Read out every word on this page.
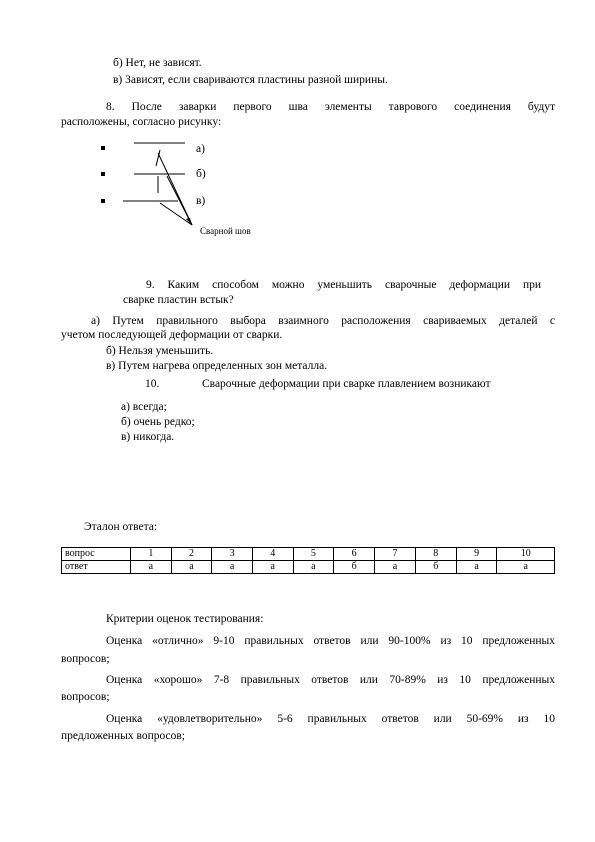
б) Нет, не зависят.
в) Зависят, если свариваются пластины разной ширины.
8. После заварки первого шва элементы таврового соединения будут
расположены, согласно рисунку:
а)
б)
в)
Сварной шов
9. Каким способом можно уменьшить сварочные деформации при
сварке пластин встык?
а) Путем правильного выбора взаимного расположения свариваемых деталей с
учетом последующей деформации от сварки.
б) Нельзя уменьшить.
в) Путем нагрева определенных зон металла.
10.	Сварочные деформации при сварке плавлением возникают
а) всегда;
б) очень редко;
в) никогда.
Эталон ответа:
вопрос	1	2	3	4	5	6	7	8	9	10
ответ	а	а	а	а	а	б	а	б	а	а
Критерии оценок тестирования:
Оценка «отлично» 9-10 правильных ответов или 90-100% из 10 предложенных
вопросов;
Оценка «хорошо» 7-8 правильных ответов или 70-89% из 10 предложенных
вопросов;
Оценка «удовлетворительно» 5-6 правильных ответов или 50-69% из 10
предложенных вопросов;
